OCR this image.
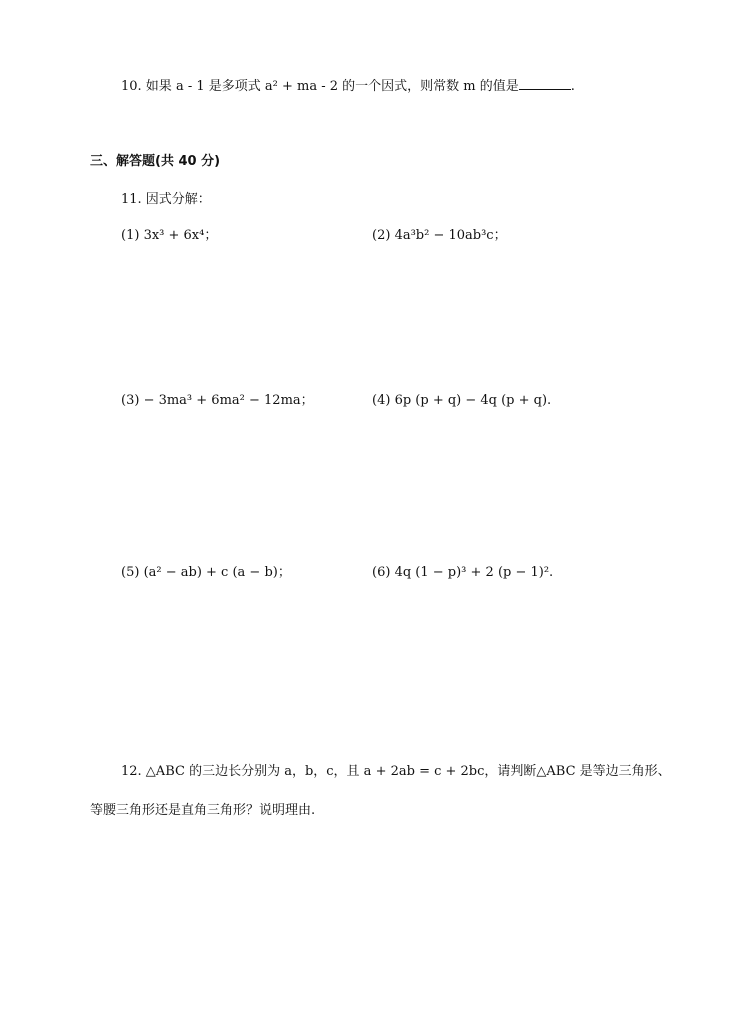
10. 如果 a - 1 是多项式 a² + ma - 2 的一个因式，则常数 m 的值是	.
三、解答题(共 40 分)
11. 因式分解：
(1) 3x³ + 6x⁴；	(2) 4a³b² − 10ab³c；
(3) − 3ma³ + 6ma² − 12ma；	(4) 6p (p + q) − 4q (p + q).
(5) (a² − ab) + c (a − b)；	(6) 4q (1 − p)³ + 2 (p − 1)².
12. △ABC 的三边长分别为 a，b，c，且 a + 2ab = c + 2bc，请判断△ABC 是等边三角形、
等腰三角形还是直角三角形？说明理由.
